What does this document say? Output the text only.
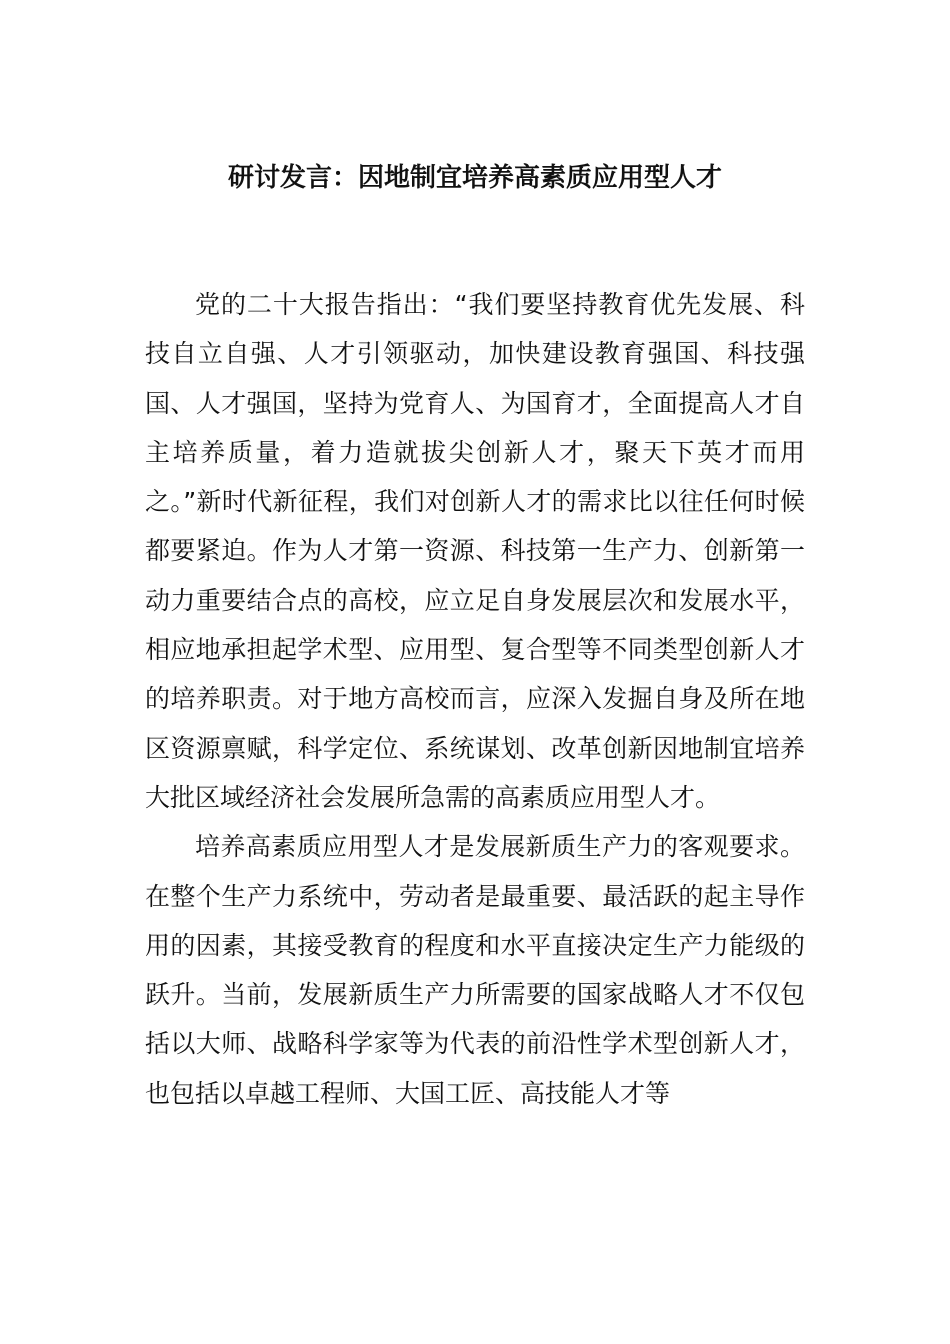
研讨发言：因地制宜培养高素质应用型人才

党的二十大报告指出：“我们要坚持教育优先发展、科技自立自强、人才引领驱动，加快建设教育强国、科技强国、人才强国，坚持为党育人、为国育才，全面提高人才自主培养质量，着力造就拔尖创新人才，聚天下英才而用之。”新时代新征程，我们对创新人才的需求比以往任何时候都要紧迫。作为人才第一资源、科技第一生产力、创新第一动力重要结合点的高校，应立足自身发展层次和发展水平，相应地承担起学术型、应用型、复合型等不同类型创新人才的培养职责。对于地方高校而言，应深入发掘自身及所在地区资源禀赋，科学定位、系统谋划、改革创新因地制宜培养大批区域经济社会发展所急需的高素质应用型人才。

培养高素质应用型人才是发展新质生产力的客观要求。在整个生产力系统中，劳动者是最重要、最活跃的起主导作用的因素，其接受教育的程度和水平直接决定生产力能级的跃升。当前，发展新质生产力所需要的国家战略人才不仅包括以大师、战略科学家等为代表的前沿性学术型创新人才，也包括以卓越工程师、大国工匠、高技能人才等
